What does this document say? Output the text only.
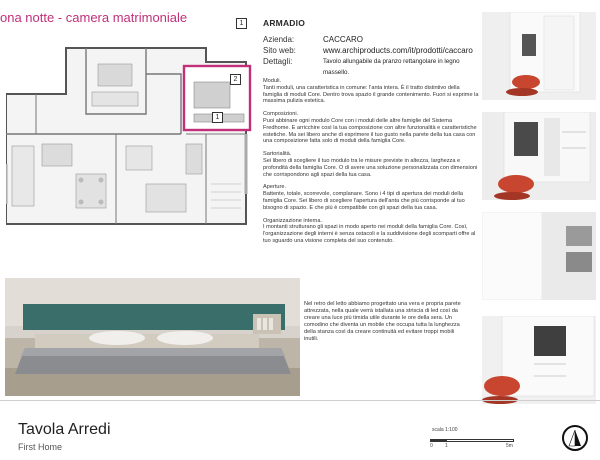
ona notte - camera matrimoniale	1	ARMADIO
2
1
Azienda:	CACCARO
Sito web:	www.archiproducts.com/it/prodotti/caccaro
Dettagli:	Tavolo allungabile da pranzo rettangolare in legno massello.

Moduli.
Tanti moduli, una caratteristica in comune: l'anta intera. È il tratto distintivo della famiglia di moduli Core. Dentro trova spazio il grande contenimento. Fuori si esprime la massima pulizia estetica.

Composizioni.
Puoi abbinare ogni modulo Core con i moduli delle altre famiglie del Sistema Fredhome. E arricchire così la tua composizione con altre funzionalità e caratteristiche estetiche. Ma sei libero anche di esprimere il tuo gusto nella parete della tua casa con una composizione fatta solo di moduli della famiglia Core.

Sartorialità.
Sei libero di scegliere il tuo modulo tra le misure previste in altezza, larghezza e profondità della famiglia Core. O di avere una soluzione personalizzata con dimensioni che corrispondono agli spazi della tua casa.

Aperture.
Battente, totale, scorrevole, complanare. Sono i 4 tipi di apertura dei moduli della famiglia Core. Sei libero di scegliere l'apertura dell'anta che più corrisponde al tuo bisogno di spazio. E che più è compatibile con gli spazi della tua casa.

Organizzazione interna.
I montanti strutturano gli spazi in modo aperto nei moduli della famiglia Core. Così, l'organizzazione degli interni è senza ostacoli e la suddivisione degli scomparti offre al tuo sguardo una visione completa del suo contenuto.

Nel retro del letto abbiamo progettato una vera e propria parete attrezzata, nella quale verrà istallata una striscia di led così da creare una luce più timida utile durante le ore della sera. Un comodino che diventa un mobile che occupa tutta la lunghezza della stanza così da creare continuità ed evitare troppi mobili inutili.
Tavola Arredi
First Home
scala 1:100
0 1	5m
